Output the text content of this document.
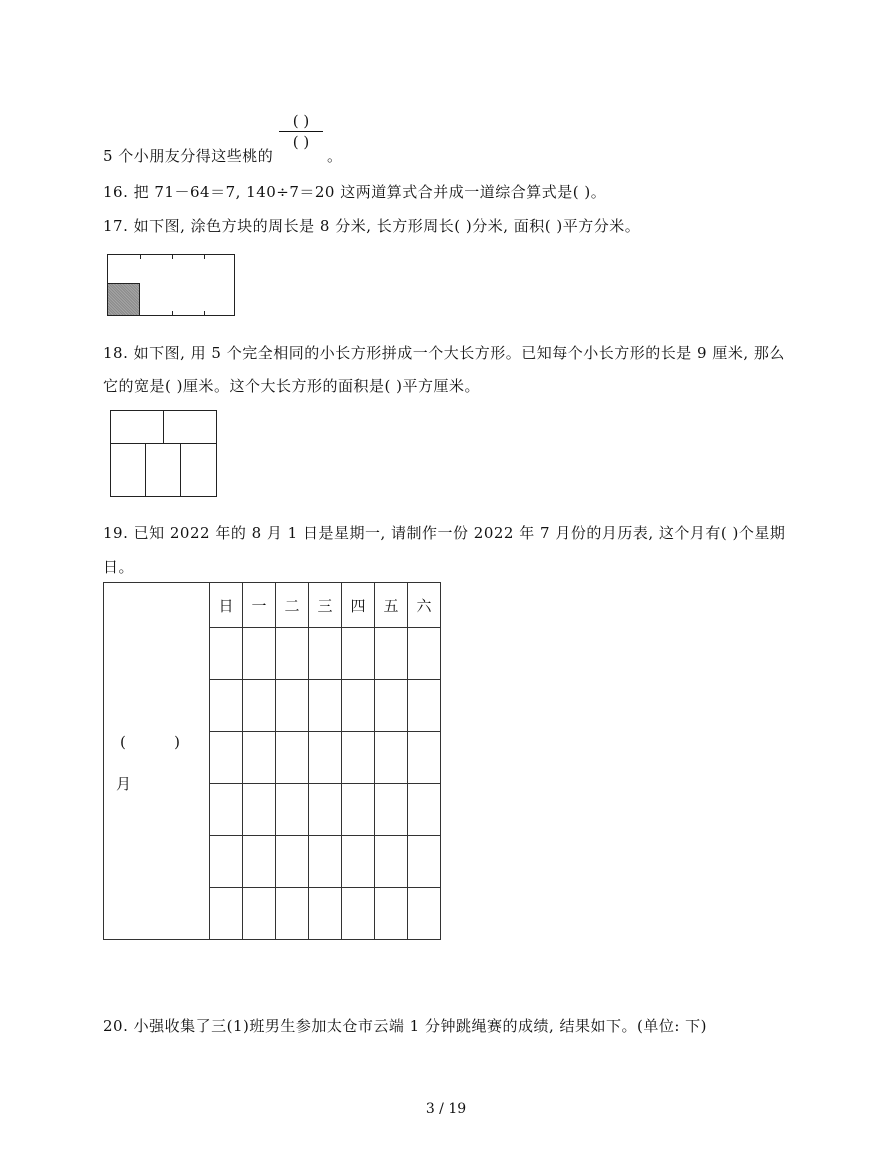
5 个小朋友分得这些桃的
( )
( )
。
16. 把 71－64＝7, 140÷7＝20 这两道算式合并成一道综合算式是( )。
17. 如下图, 涂色方块的周长是 8 分米, 长方形周长( )分米, 面积( )平方分米。
18. 如下图, 用 5 个完全相同的小长方形拼成一个大长方形。已知每个小长方形的长是 9 厘米, 那么
它的宽是( )厘米。这个大长方形的面积是( )平方厘米。
19. 已知 2022 年的 8 月 1 日是星期一, 请制作一份 2022 年 7 月份的月历表, 这个月有( )个星期
日。
( )
月	日	一	二	三	四	五	六

20. 小强收集了三(1)班男生参加太仓市云端 1 分钟跳绳赛的成绩, 结果如下。(单位: 下)
3 / 19
